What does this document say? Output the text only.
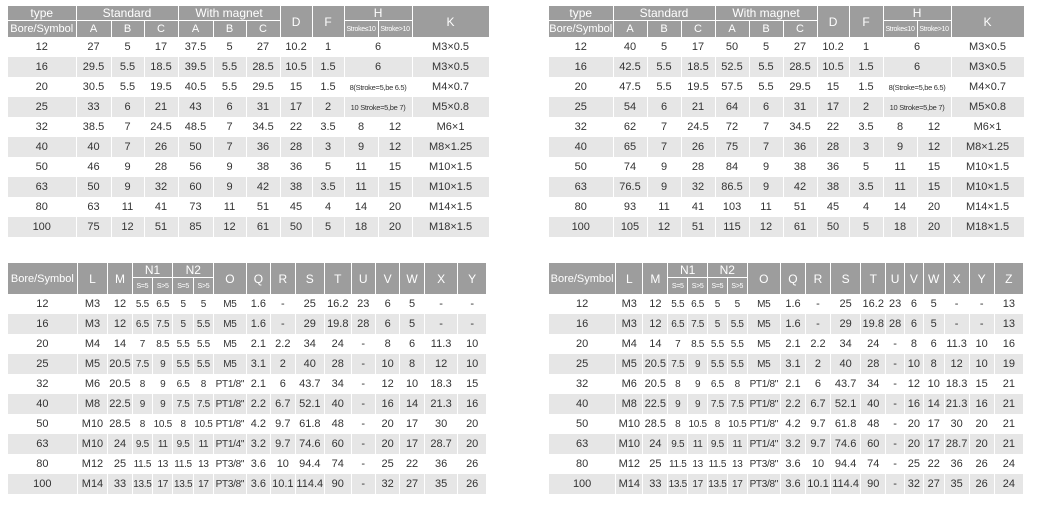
type	Standard			With magnet			D	F	H		K
Bore/Symbol	A	B	C	A	B	C			Stroke≤10	Stroke>10	
12	27	5	17	37.5	5	27	10.2	1	6		M3×0.5
16	29.5	5.5	18.5	39.5	5.5	28.5	10.5	1.5	6		M3×0.5
20	30.5	5.5	19.5	40.5	5.5	29.5	15	1.5	8(Stroke=5,be 6.5)		M4×0.7
25	33	6	21	43	6	31	17	2	10 Stroke=5,be 7)		M5×0.8
32	38.5	7	24.5	48.5	7	34.5	22	3.5	8	12	M6×1
40	40	7	26	50	7	36	28	3	9	12	M8×1.25
50	46	9	28	56	9	38	36	5	11	15	M10×1.5
63	50	9	32	60	9	42	38	3.5	11	15	M10×1.5
80	63	11	41	73	11	51	45	4	14	20	M14×1.5
100	75	12	51	85	12	61	50	5	18	20	M18×1.5
type	Standard			With magnet			D	F	H		K
Bore/Symbol	A	B	C	A	B	C			Stroke≤10	Stroke>10	
12	40	5	17	50	5	27	10.2	1	6		M3×0.5
16	42.5	5.5	18.5	52.5	5.5	28.5	10.5	1.5	6		M3×0.5
20	47.5	5.5	19.5	57.5	5.5	29.5	15	1.5	8(Stroke=5,be 6.5)		M4×0.7
25	54	6	21	64	6	31	17	2	10 Stroke=5,be 7)		M5×0.8
32	62	7	24.5	72	7	34.5	22	3.5	8	12	M6×1
40	65	7	26	75	7	36	28	3	9	12	M8×1.25
50	74	9	28	84	9	38	36	5	11	15	M10×1.5
63	76.5	9	32	86.5	9	42	38	3.5	11	15	M10×1.5
80	93	11	41	103	11	51	45	4	14	20	M14×1.5
100	105	12	51	115	12	61	50	5	18	20	M18×1.5
Bore/Symbol	L	M	N1		N2		O	Q	R	S	T	U	V	W	X	Y
			S=5	S>5	S=5	S>5										
12	M3	12	5.5	6.5	5	5	M5	1.6	-	25	16.2	23	6	5	-	-
16	M3	12	6.5	7.5	5	5.5	M5	1.6	-	29	19.8	28	6	5	-	-
20	M4	14	7	8.5	5.5	5.5	M5	2.1	2.2	34	24	-	8	6	11.3	10
25	M5	20.5	7.5	9	5.5	5.5	M5	3.1	2	40	28	-	10	8	12	10
32	M6	20.5	8	9	6.5	8	PT1/8"	2.1	6	43.7	34	-	12	10	18.3	15
40	M8	22.5	9	9	7.5	7.5	PT1/8"	2.2	6.7	52.1	40	-	16	14	21.3	16
50	M10	28.5	8	10.5	8	10.5	PT1/8"	4.2	9.7	61.8	48	-	20	17	30	20
63	M10	24	9.5	11	9.5	11	PT1/4"	3.2	9.7	74.6	60	-	20	17	28.7	20
80	M12	25	11.5	13	11.5	13	PT3/8"	3.6	10	94.4	74	-	25	22	36	26
100	M14	33	13.5	17	13.5	17	PT3/8"	3.6	10.1	114.4	90	-	32	27	35	26
Bore/Symbol	L	M	N1		N2		O	Q	R	S	T	U	V	W	X	Y	Z
			S=5	S>5	S=5	S>5											
12	M3	12	5.5	6.5	5	5	M5	1.6	-	25	16.2	23	6	5	-	-	13
16	M3	12	6.5	7.5	5	5.5	M5	1.6	-	29	19.8	28	6	5	-	-	13
20	M4	14	7	8.5	5.5	5.5	M5	2.1	2.2	34	24	-	8	6	11.3	10	16
25	M5	20.5	7.5	9	5.5	5.5	M5	3.1	2	40	28	-	10	8	12	10	19
32	M6	20.5	8	9	6.5	8	PT1/8"	2.1	6	43.7	34	-	12	10	18.3	15	21
40	M8	22.5	9	9	7.5	7.5	PT1/8"	2.2	6.7	52.1	40	-	16	14	21.3	16	21
50	M10	28.5	8	10.5	8	10.5	PT1/8"	4.2	9.7	61.8	48	-	20	17	30	20	21
63	M10	24	9.5	11	9.5	11	PT1/4"	3.2	9.7	74.6	60	-	20	17	28.7	20	21
80	M12	25	11.5	13	11.5	13	PT3/8"	3.6	10	94.4	74	-	25	22	36	26	24
100	M14	33	13.5	17	13.5	17	PT3/8"	3.6	10.1	114.4	90	-	32	27	35	26	24
